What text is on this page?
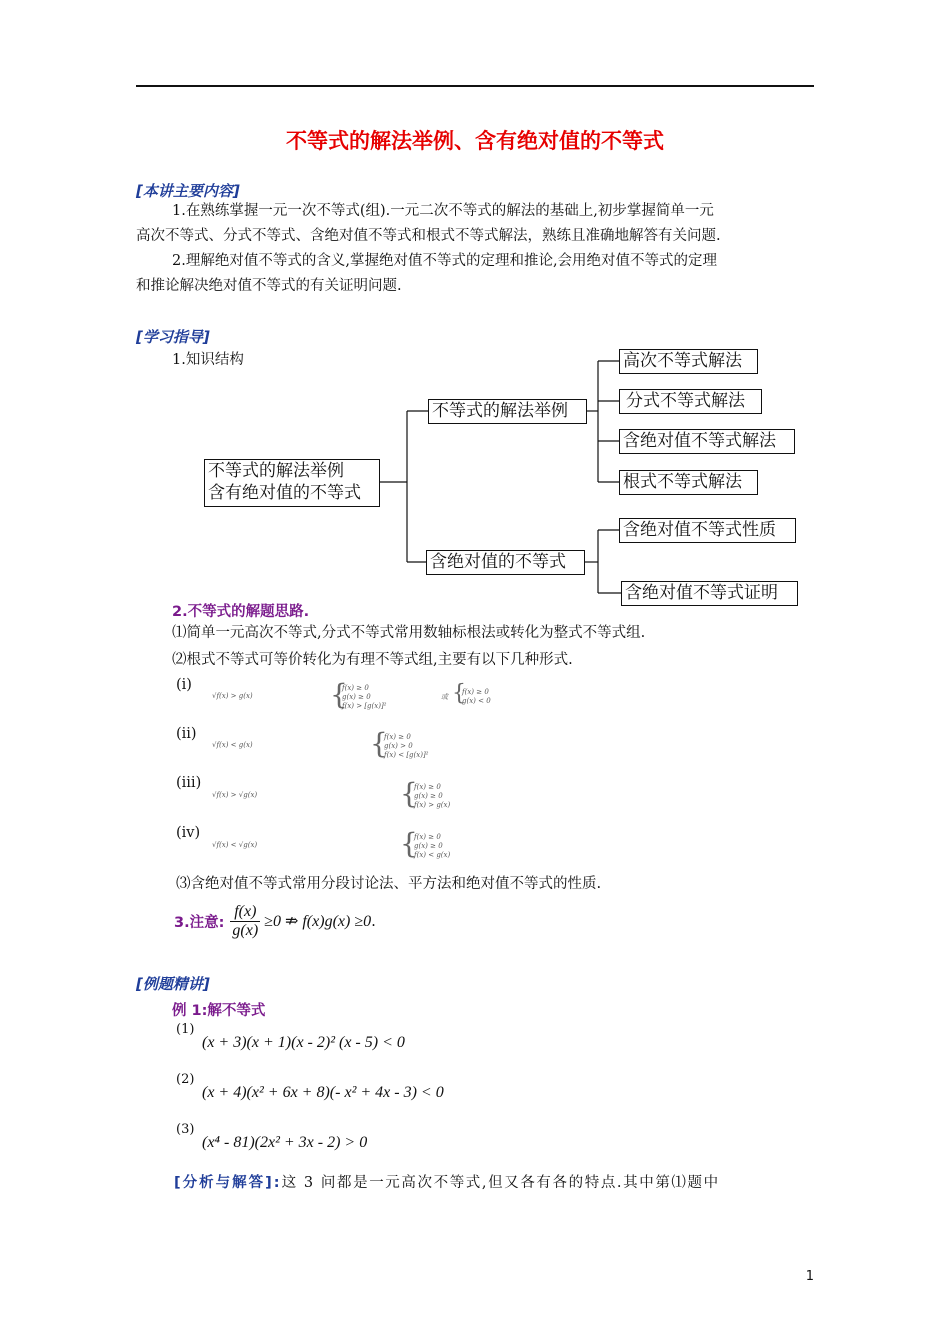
不等式的解法举例、含有绝对值的不等式
[本讲主要内容]
1.在熟练掌握一元一次不等式(组).一元二次不等式的解法的基础上,初步掌握简单一元
高次不等式、分式不等式、含绝对值不等式和根式不等式解法，熟练且准确地解答有关问题.
2.理解绝对值不等式的含义,掌握绝对值不等式的定理和推论,会用绝对值不等式的定理
和推论解决绝对值不等式的有关证明问题.
[学习指导]
1.知识结构
不等式的解法举例
含有绝对值的不等式
不等式的解法举例
含绝对值的不等式
高次不等式解法
分式不等式解法
含绝对值不等式解法
根式不等式解法
含绝对值不等式性质
含绝对值不等式证明
2.不等式的解题思路.
⑴简单一元高次不等式,分式不等式常用数轴标根法或转化为整式不等式组.
⑵根式不等式可等价转化为有理不等式组,主要有以下几种形式.
(ⅰ)
√f(x) > g(x)	{
f(x) ≥ 0
g(x) ≥ 0
f(x) > [g(x)]²
或 {
f(x) ≥ 0
g(x) < 0
(ⅱ)
√f(x) < g(x)	{
f(x) ≥ 0
g(x) > 0
f(x) < [g(x)]²
(ⅲ)
√f(x) > √g(x)	{
f(x) ≥ 0
g(x) ≥ 0
f(x) > g(x)
(ⅳ)
√f(x) < √g(x)	{
f(x) ≥ 0
g(x) ≥ 0
f(x) < g(x)
⑶含绝对值不等式常用分段讨论法、平方法和绝对值不等式的性质.
3.注意: $\frac{f(x)}{g(x)} \ge 0$ ⇏ f(x)g(x) ≥0 .
[例题精讲]
例 1:解不等式
(1)
(x + 3)(x + 1)(x - 2)² (x - 5) < 0
(2)
(x + 4)(x² + 6x + 8)(- x² + 4x - 3) < 0
(3)
(x⁴ - 81)(2x² + 3x - 2) > 0
[分析与解答]:这 3 问都是一元高次不等式,但又各有各的特点.其中第⑴题中
1
